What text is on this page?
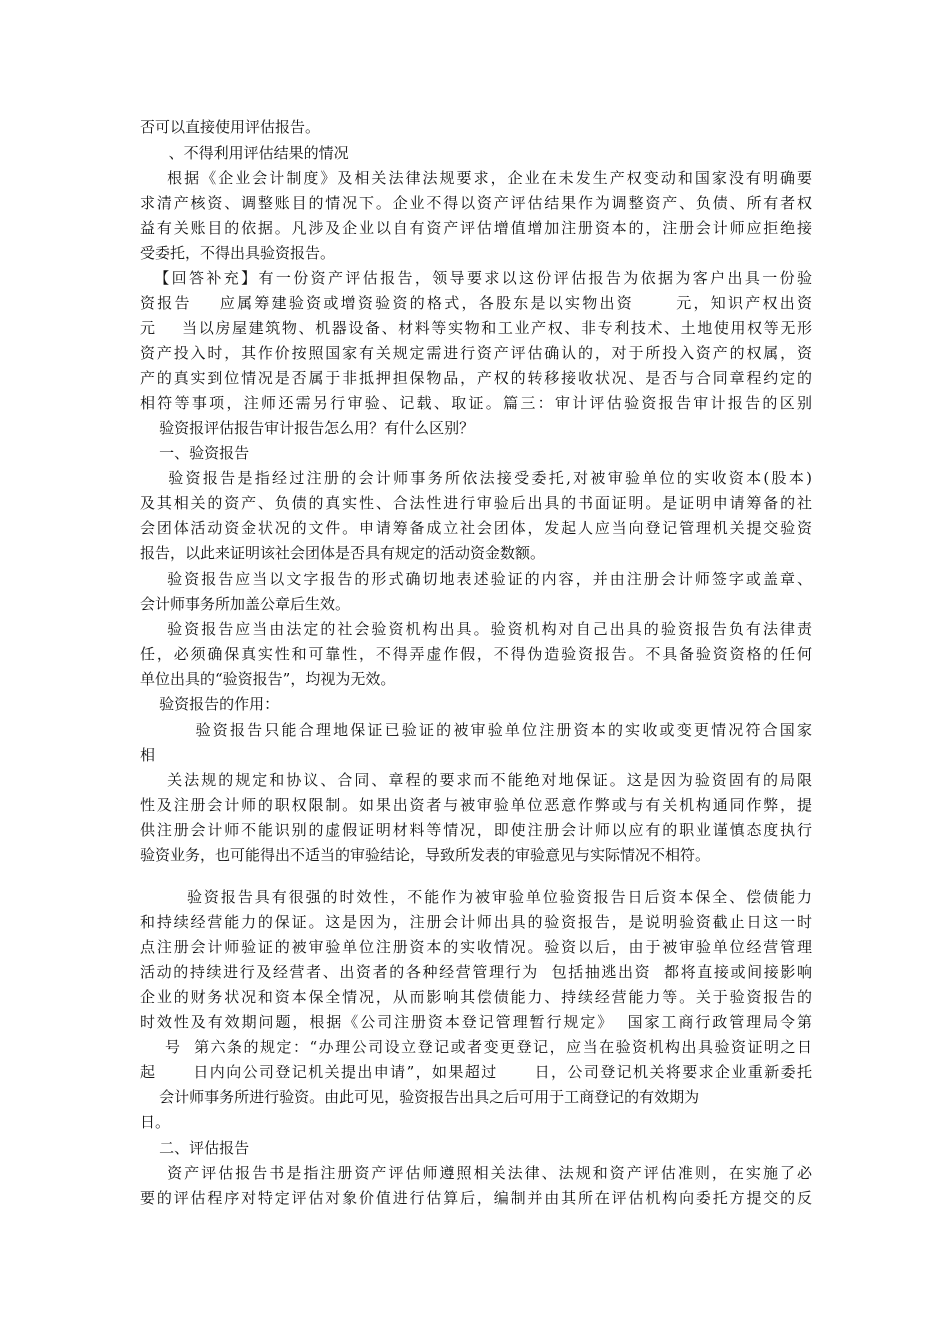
否可以直接使用评估报告。
、不得利用评估结果的情况
根据《企业会计制度》及相关法律法规要求，企业在未发生产权变动和国家没有明确要
求清产核资、调整账目的情况下。企业不得以资产评估结果作为调整资产、负债、所有者权
益有关账目的依据。凡涉及企业以自有资产评估增值增加注册资本的，注册会计师应拒绝接
受委托，不得出具验资报告。
【回答补充】有一份资产评估报告，领导要求以这份评估报告为依据为客户出具一份验
资报告    应属筹建验资或增资验资的格式，各股东是以实物出资      元，知识产权出资
元    当以房屋建筑物、机器设备、材料等实物和工业产权、非专利技术、土地使用权等无形
资产投入时，其作价按照国家有关规定需进行资产评估确认的，对于所投入资产的权属，资
产的真实到位情况是否属于非抵押担保物品，产权的转移接收状况、是否与合同章程约定的
相符等事项，注师还需另行审验、记载、取证。篇三：审计评估验资报告审计报告的区别
验资报评估报告审计报告怎么用？有什么区别？
一、验资报告
验资报告是指经过注册的会计师事务所依法接受委托,对被审验单位的实收资本(股本)
及其相关的资产、负债的真实性、合法性进行审验后出具的书面证明。是证明申请筹备的社
会团体活动资金状况的文件。申请筹备成立社会团体，发起人应当向登记管理机关提交验资
报告，以此来证明该社会团体是否具有规定的活动资金数额。
验资报告应当以文字报告的形式确切地表述验证的内容，并由注册会计师签字或盖章、
会计师事务所加盖公章后生效。
验资报告应当由法定的社会验资机构出具。验资机构对自己出具的验资报告负有法律责
任，必须确保真实性和可靠性，不得弄虚作假，不得伪造验资报告。不具备验资资格的任何
单位出具的“验资报告”，均视为无效。
验资报告的作用：
验资报告只能合理地保证已验证的被审验单位注册资本的实收或变更情况符合国家
相
关法规的规定和协议、合同、章程的要求而不能绝对地保证。这是因为验资固有的局限
性及注册会计师的职权限制。如果出资者与被审验单位恶意作弊或与有关机构通同作弊，提
供注册会计师不能识别的虚假证明材料等情况，即使注册会计师以应有的职业谨慎态度执行
验资业务，也可能得出不适当的审验结论，导致所发表的审验意见与实际情况不相符。
验资报告具有很强的时效性，不能作为被审验单位验资报告日后资本保全、偿债能力
和持续经营能力的保证。这是因为，注册会计师出具的验资报告，是说明验资截止日这一时
点注册会计师验证的被审验单位注册资本的实收情况。验资以后，由于被审验单位经营管理
活动的持续进行及经营者、出资者的各种经营管理行为  包括抽逃出资  都将直接或间接影响
企业的财务状况和资本保全情况，从而影响其偿债能力、持续经营能力等。关于验资报告的
时效性及有效期问题，根据《公司注册资本登记管理暂行规定》  国家工商行政管理局令第
号  第六条的规定：“办理公司设立登记或者变更登记，应当在验资机构出具验资证明之日
起      日内向公司登记机关提出申请”，如果超过      日，公司登记机关将要求企业重新委托
会计师事务所进行验资。由此可见，验资报告出具之后可用于工商登记的有效期为
日。
二、评估报告
资产评估报告书是指注册资产评估师遵照相关法律、法规和资产评估准则，在实施了必
要的评估程序对特定评估对象价值进行估算后，编制并由其所在评估机构向委托方提交的反
